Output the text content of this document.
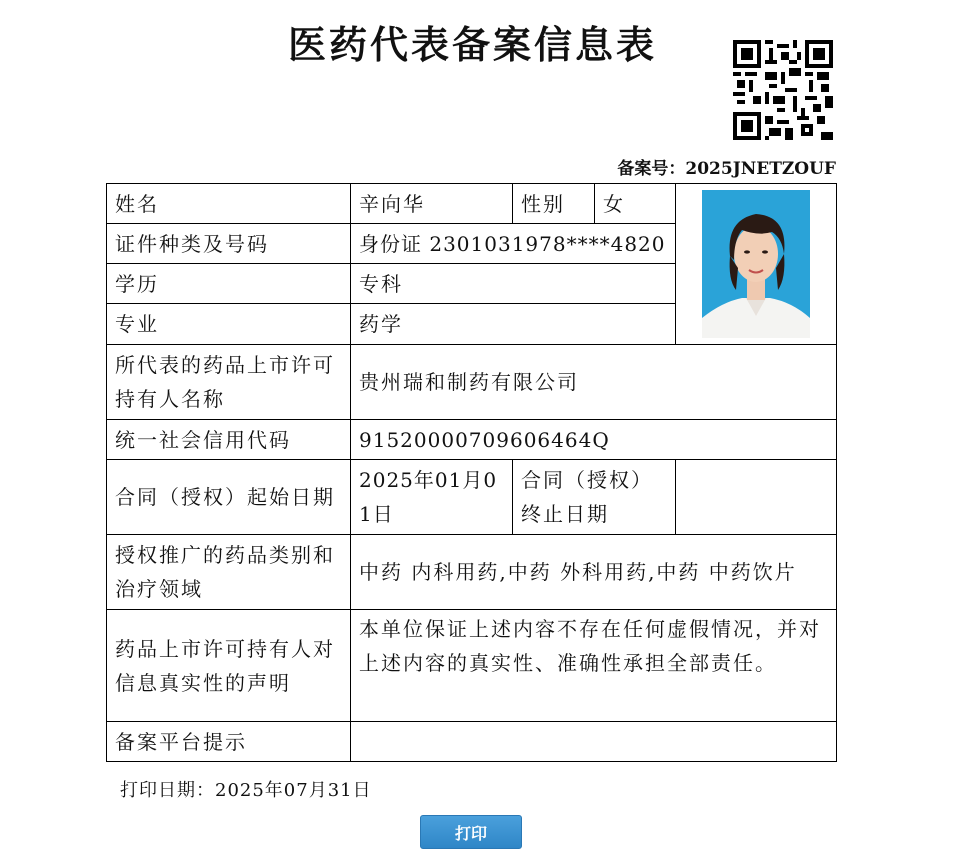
医药代表备案信息表
备案号：2025JNETZOUF
姓名	辛向华	性别	女	

证件种类及号码	身份证 2301031978****4820			
学历	专科			
专业	药学			
所代表的药品上市许可持有人名称	贵州瑞和制药有限公司			
统一社会信用代码	91520000709606464Q			
合同（授权）起始日期	2025年01月01日	合同（授权）终止日期		
授权推广的药品类别和治疗领域	中药 内科用药,中药 外科用药,中药 中药饮片			
药品上市许可持有人对信息真实性的声明	本单位保证上述内容不存在任何虚假情况，并对上述内容的真实性、准确性承担全部责任。			
备案平台提示				
打印日期：2025年07月31日
打印
